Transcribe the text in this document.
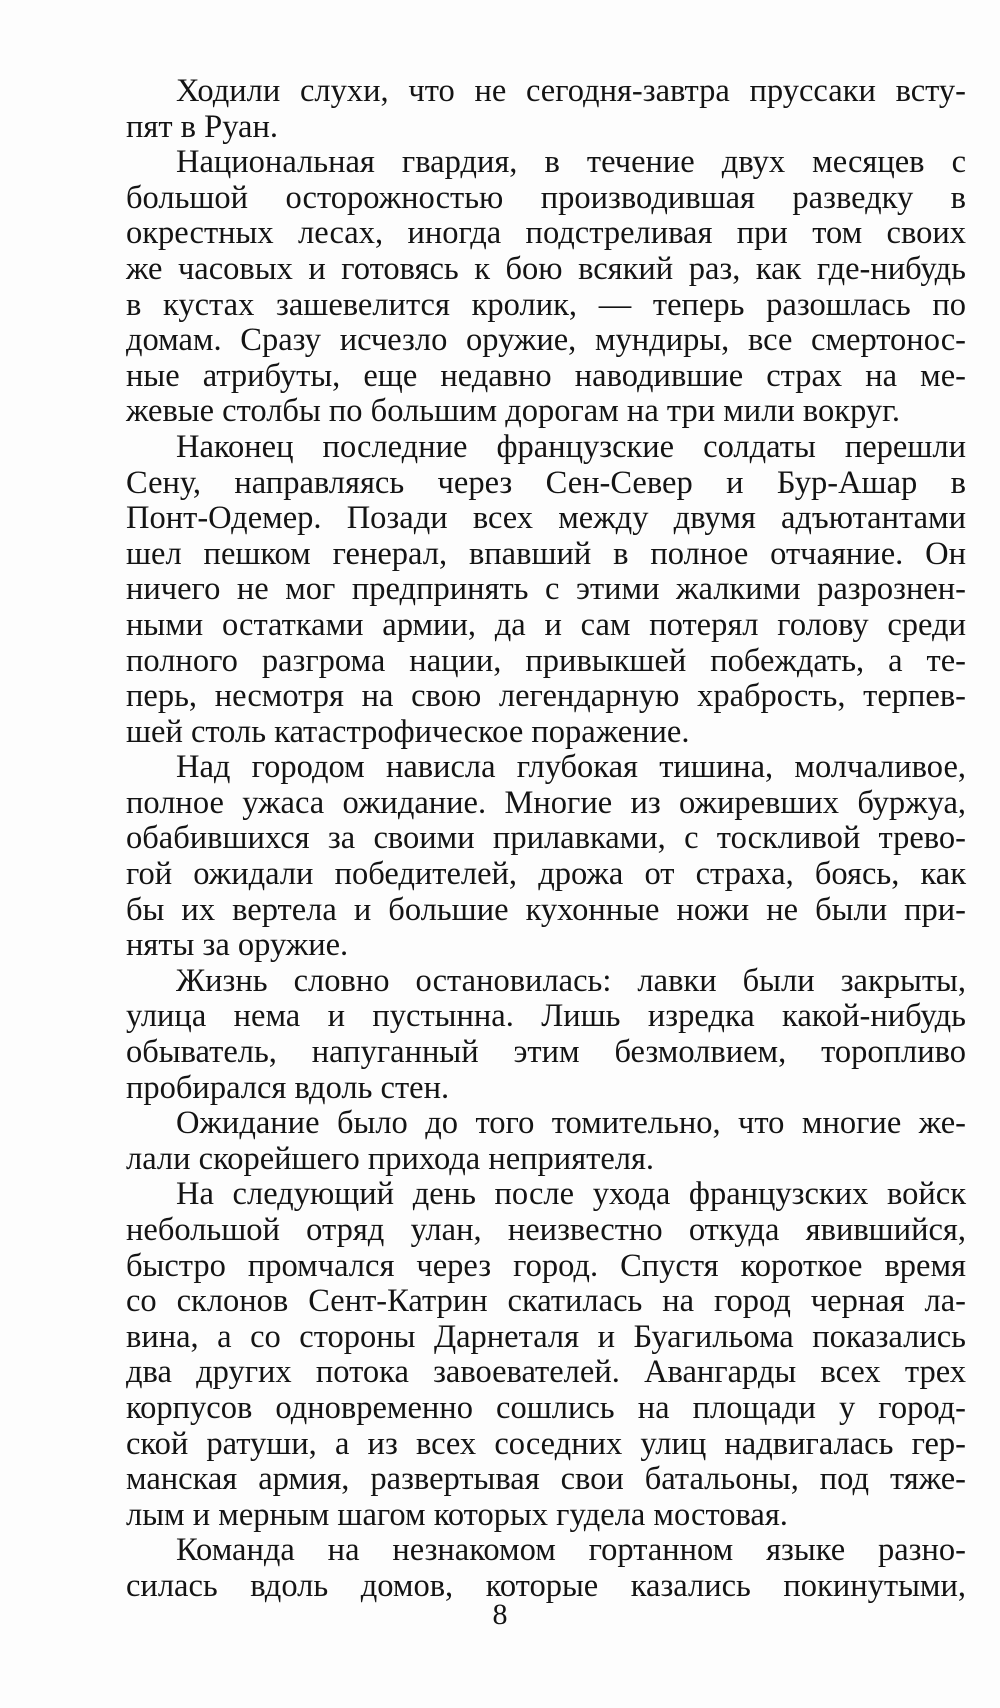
Ходили слухи, что не сегодня-завтра пруссаки всту-
пят в Руан.
Национальная гвардия, в течение двух месяцев с
большой осторожностью производившая разведку в
окрестных лесах, иногда подстреливая при том своих
же часовых и готовясь к бою всякий раз, как где-нибудь
в кустах зашевелится кролик, — теперь разошлась по
домам. Сразу исчезло оружие, мундиры, все смертонос-
ные атрибуты, еще недавно наводившие страх на ме-
жевые столбы по большим дорогам на три мили вокруг.
Наконец последние французские солдаты перешли
Сену, направляясь через Сен-Север и Бур-Ашар в
Понт-Одемер. Позади всех между двумя адъютантами
шел пешком генерал, впавший в полное отчаяние. Он
ничего не мог предпринять с этими жалкими разрознен-
ными остатками армии, да и сам потерял голову среди
полного разгрома нации, привыкшей побеждать, а те-
перь, несмотря на свою легендарную храбрость, терпев-
шей столь катастрофическое поражение.
Над городом нависла глубокая тишина, молчаливое,
полное ужаса ожидание. Многие из ожиревших буржуа,
обабившихся за своими прилавками, с тоскливой трево-
гой ожидали победителей, дрожа от страха, боясь, как
бы их вертела и большие кухонные ножи не были при-
няты за оружие.
Жизнь словно остановилась: лавки были закрыты,
улица нема и пустынна. Лишь изредка какой-нибудь
обыватель, напуганный этим безмолвием, торопливо
пробирался вдоль стен.
Ожидание было до того томительно, что многие же-
лали скорейшего прихода неприятеля.
На следующий день после ухода французских войск
небольшой отряд улан, неизвестно откуда явившийся,
быстро промчался через город. Спустя короткое время
со склонов Сент-Катрин скатилась на город черная ла-
вина, а со стороны Дарнеталя и Буагильома показались
два других потока завоевателей. Авангарды всех трех
корпусов одновременно сошлись на площади у город-
ской ратуши, а из всех соседних улиц надвигалась гер-
манская армия, развертывая свои батальоны, под тяже-
лым и мерным шагом которых гудела мостовая.
Команда на незнакомом гортанном языке разно-
силась вдоль домов, которые казались покинутыми,
8
